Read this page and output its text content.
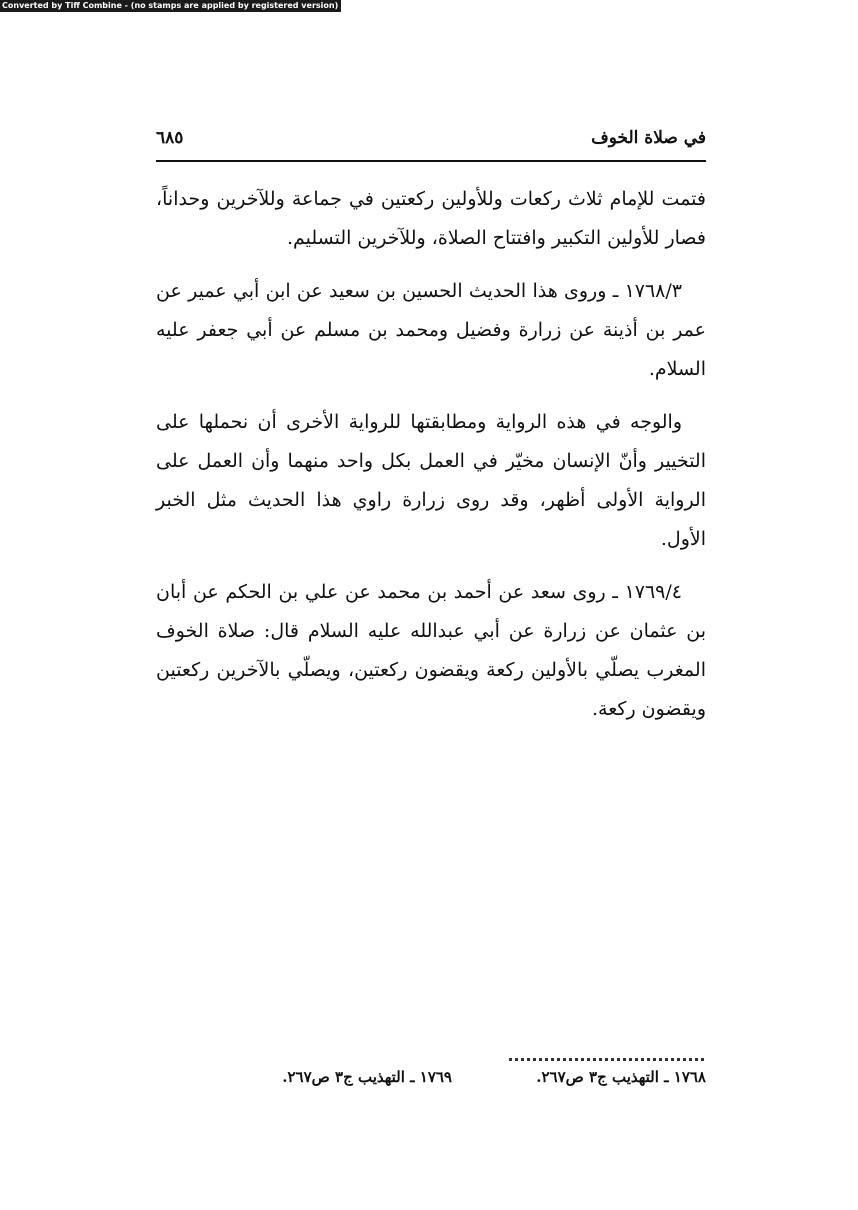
Converted by Tiff Combine - (no stamps are applied by registered version)
في صلاة الخوف
٦٨٥

فتمت للإمام ثلاث ركعات وللأولين ركعتين في جماعة وللآخرين وحداناً، فصار للأولين التكبير وافتتاح الصلاة، وللآخرين التسليم.

١٧٦٨/٣ ـ وروى هذا الحديث الحسين بن سعيد عن ابن أبي عمير عن عمر بن أذينة عن زرارة وفضيل ومحمد بن مسلم عن أبي جعفر عليه السلام.

والوجه في هذه الرواية ومطابقتها للرواية الأخرى أن نحملها على التخيير وأنّ الإنسان مخيّر في العمل بكل واحد منهما وأن العمل على الرواية الأولى أظهر، وقد روى زرارة راوي هذا الحديث مثل الخبر الأول.

١٧٦٩/٤ ـ روى سعد عن أحمد بن محمد عن علي بن الحكم عن أبان بن عثمان عن زرارة عن أبي عبدالله عليه السلام قال: صلاة الخوف المغرب يصلّي بالأولين ركعة ويقضون ركعتين، ويصلّي بالآخرين ركعتين ويقضون ركعة.

١٧٦٨ ـ التهذيب ج٣ ص٢٦٧.
١٧٦٩ ـ التهذيب ج٣ ص٢٦٧.
